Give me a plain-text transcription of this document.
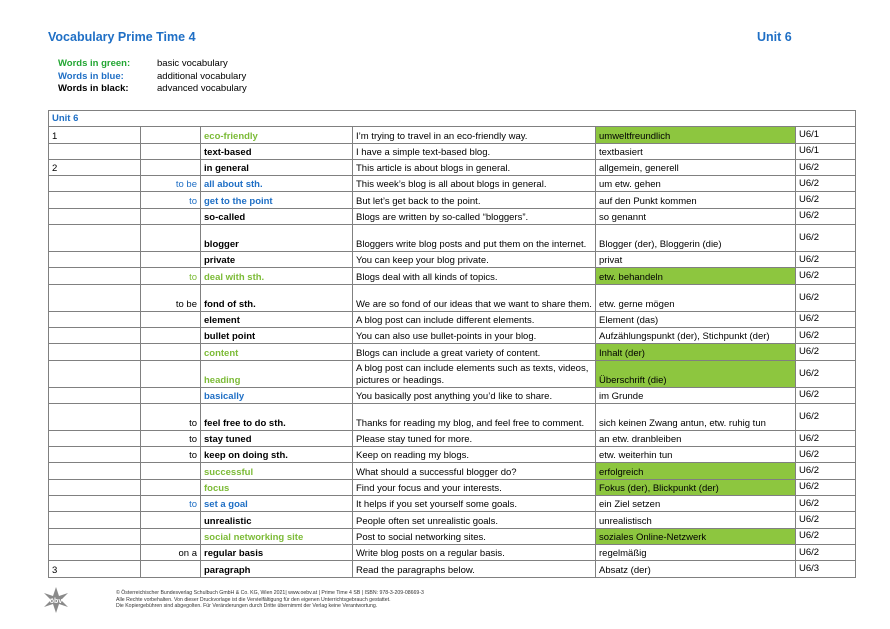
Vocabulary Prime Time 4	Unit 6
Words in green:	basic vocabulary
Words in blue:	additional vocabulary
Words in black:	advanced vocabulary
Unit 6					
1		eco-friendly	I’m trying to travel in an eco-friendly way.	umweltfreundlich	U6/1
		text-based	I have a simple text-based blog.	textbasiert	U6/1
2		in general	This article is about blogs in general.	allgemein, generell	U6/2
	to be	all about sth.	This week’s blog is all about blogs in general.	um etw. gehen	U6/2
	to	get to the point	But let’s get back to the point.	auf den Punkt kommen	U6/2
		so-called	Blogs are written by so-called “bloggers”.	so genannt	U6/2
		blogger	Bloggers write blog posts and put them on the internet.	Blogger (der), Bloggerin (die)	U6/2
		private	You can keep your blog private.	privat	U6/2
	to	deal with sth.	Blogs deal with all kinds of topics.	etw. behandeln	U6/2
	to be	fond of sth.	We are so fond of our ideas that we want to share them.	etw. gerne mögen	U6/2
		element	A blog post can include different elements.	Element (das)	U6/2
		bullet point	You can also use bullet-points in your blog.	Aufzählungspunkt (der), Stichpunkt (der)	U6/2
		content	Blogs can include a great variety of content.	Inhalt (der)	U6/2
		heading	A blog post can include elements such as texts, videos, pictures or headings.	Überschrift (die)	U6/2
		basically	You basically post anything you’d like to share.	im Grunde	U6/2
	to	feel free to do sth.	Thanks for reading my blog, and feel free to comment.	sich keinen Zwang antun, etw. ruhig tun	U6/2
	to	stay tuned	Please stay tuned for more.	an etw. dranbleiben	U6/2
	to	keep on doing sth.	Keep on reading my blogs.	etw. weiterhin tun	U6/2
		successful	What should a successful blogger do?	erfolgreich	U6/2
		focus	Find your focus and your interests.	Fokus (der), Blickpunkt (der)	U6/2
	to	set a goal	It helps if you set yourself some goals.	ein Ziel setzen	U6/2
		unrealistic	People often set unrealistic goals.	unrealistisch	U6/2
		social networking site	Post to social networking sites.	soziales Online-Netzwerk	U6/2
	on a	regular basis	Write blog posts on a regular basis.	regelmäßig	U6/2
3		paragraph	Read the paragraphs below.	Absatz (der)	U6/3
öbv
© Österreichischer Bundesverlag Schulbuch GmbH & Co. KG, Wien 2021| www.oebv.at | Prime Time 4 SB | ISBN: 978-3-209-08669-3
Alle Rechte vorbehalten. Von dieser Druckvorlage ist die Vervielfältigung für den eigenen Unterrichtsgebrauch gestattet.
Die Kopiergebühren sind abgegolten. Für Veränderungen durch Dritte übernimmt der Verlag keine Verantwortung.
